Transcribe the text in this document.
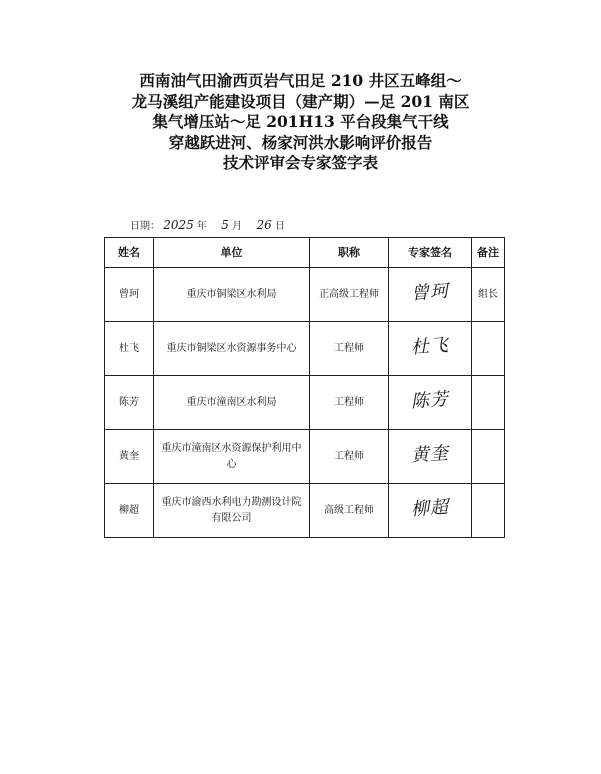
西南油气田渝西页岩气田足 210 井区五峰组～
龙马溪组产能建设项目（建产期）—足 201 南区
集气增压站～足 201H13 平台段集气干线
穿越跃进河、杨家河洪水影响评价报告
技术评审会专家签字表
日期： 2025 年 5 月 26 日
姓名	单位	职称	专家签名	备注
曾珂	重庆市铜梁区水利局	正高级工程师	曾珂	组长
杜飞	重庆市铜梁区水资源事务中心	工程师	杜飞	
陈芳	重庆市潼南区水利局	工程师	陈芳	
黄奎	重庆市潼南区水资源保护利用中心	工程师	黄奎	
柳超	重庆市渝西水利电力勘测设计院有限公司	高级工程师	柳超	
